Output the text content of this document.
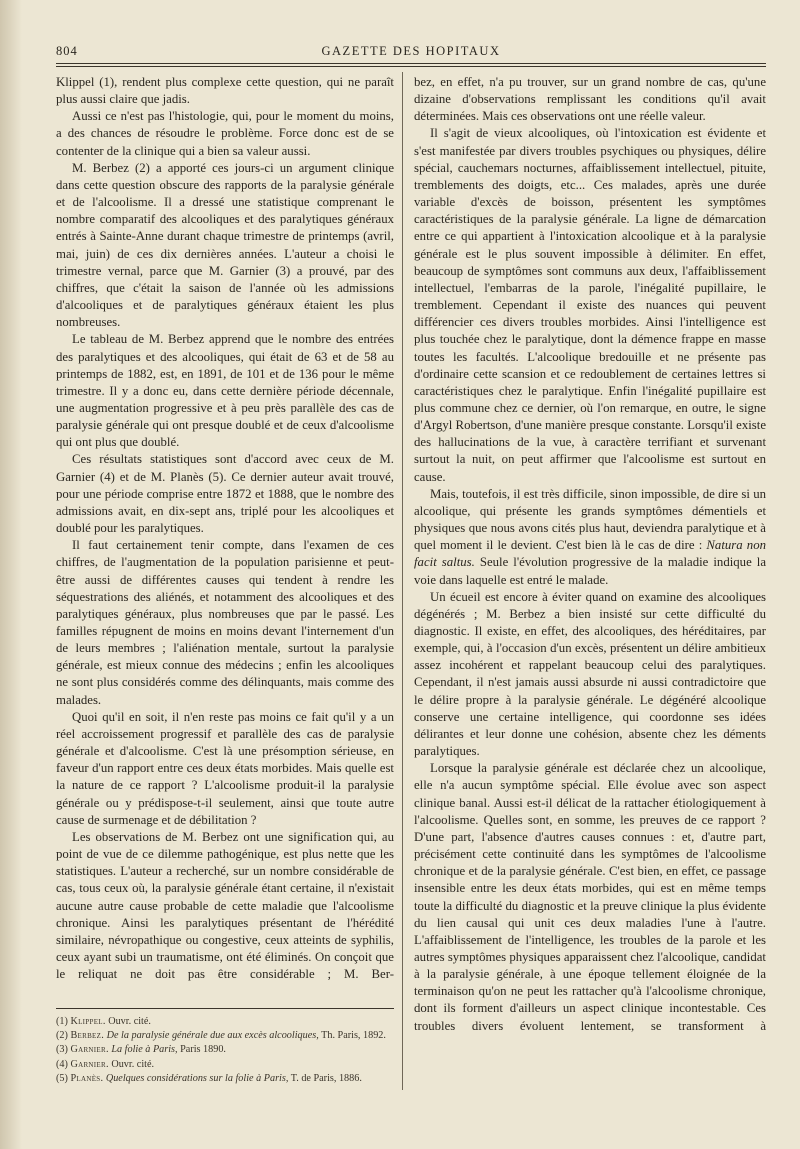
804	GAZETTE DES HOPITAUX

Klippel (1), rendent plus complexe cette question, qui ne paraît plus aussi claire que jadis.

Aussi ce n'est pas l'histologie, qui, pour le moment du moins, a des chances de résoudre le problème. Force donc est de se contenter de la clinique qui a bien sa valeur aussi.

M. Berbez (2) a apporté ces jours-ci un argument clinique dans cette question obscure des rapports de la paralysie générale et de l'alcoolisme. Il a dressé une statistique comprenant le nombre comparatif des alcooliques et des paralytiques généraux entrés à Sainte-Anne durant chaque trimestre de printemps (avril, mai, juin) de ces dix dernières années. L'auteur a choisi le trimestre vernal, parce que M. Garnier (3) a prouvé, par des chiffres, que c'était la saison de l'année où les admissions d'alcooliques et de paralytiques généraux étaient les plus nombreuses.

Le tableau de M. Berbez apprend que le nombre des entrées des paralytiques et des alcooliques, qui était de 63 et de 58 au printemps de 1882, est, en 1891, de 101 et de 136 pour le même trimestre. Il y a donc eu, dans cette dernière période décennale, une augmentation progressive et à peu près parallèle des cas de paralysie générale qui ont presque doublé et de ceux d'alcoolisme qui ont plus que doublé.

Ces résultats statistiques sont d'accord avec ceux de M. Garnier (4) et de M. Planès (5). Ce dernier auteur avait trouvé, pour une période comprise entre 1872 et 1888, que le nombre des admissions avait, en dix-sept ans, triplé pour les alcooliques et doublé pour les paralytiques.

Il faut certainement tenir compte, dans l'examen de ces chiffres, de l'augmentation de la population parisienne et peut-être aussi de différentes causes qui tendent à rendre les séquestrations des aliénés, et notamment des alcooliques et des paralytiques généraux, plus nombreuses que par le passé. Les familles répugnent de moins en moins devant l'internement d'un de leurs membres ; l'aliénation mentale, surtout la paralysie générale, est mieux connue des médecins ; enfin les alcooliques ne sont plus considérés comme des délinquants, mais comme des malades.

Quoi qu'il en soit, il n'en reste pas moins ce fait qu'il y a un réel accroissement progressif et parallèle des cas de paralysie générale et d'alcoolisme. C'est là une présomption sérieuse, en faveur d'un rapport entre ces deux états morbides. Mais quelle est la nature de ce rapport ? L'alcoolisme produit-il la paralysie générale ou y prédispose-t-il seulement, ainsi que toute autre cause de surmenage et de débilitation ?

Les observations de M. Berbez ont une signification qui, au point de vue de ce dilemme pathogénique, est plus nette que les statistiques. L'auteur a recherché, sur un nombre considérable de cas, tous ceux où, la paralysie générale étant certaine, il n'existait aucune autre cause probable de cette maladie que l'alcoolisme chronique. Ainsi les paralytiques présentant de l'hérédité similaire, névropathique ou congestive, ceux atteints de syphilis, ceux ayant subi un traumatisme, ont été éliminés. On conçoit que le reliquat ne doit pas être considérable ; M. Ber-

bez, en effet, n'a pu trouver, sur un grand nombre de cas, qu'une dizaine d'observations remplissant les conditions qu'il avait déterminées. Mais ces observations ont une réelle valeur.

Il s'agit de vieux alcooliques, où l'intoxication est évidente et s'est manifestée par divers troubles psychiques ou physiques, délire spécial, cauchemars nocturnes, affaiblissement intellectuel, pituite, tremblements des doigts, etc... Ces malades, après une durée variable d'excès de boisson, présentent les symptômes caractéristiques de la paralysie générale. La ligne de démarcation entre ce qui appartient à l'intoxication alcoolique et à la paralysie générale est le plus souvent impossible à délimiter. En effet, beaucoup de symptômes sont communs aux deux, l'affaiblissement intellectuel, l'embarras de la parole, l'inégalité pupillaire, le tremblement. Cependant il existe des nuances qui peuvent différencier ces divers troubles morbides. Ainsi l'intelligence est plus touchée chez le paralytique, dont la démence frappe en masse toutes les facultés. L'alcoolique bredouille et ne présente pas d'ordinaire cette scansion et ce redoublement de certaines lettres si caractéristiques chez le paralytique. Enfin l'inégalité pupillaire est plus commune chez ce dernier, où l'on remarque, en outre, le signe d'Argyl Robertson, d'une manière presque constante. Lorsqu'il existe des hallucinations de la vue, à caractère terrifiant et survenant surtout la nuit, on peut affirmer que l'alcoolisme est surtout en cause.

Mais, toutefois, il est très difficile, sinon impossible, de dire si un alcoolique, qui présente les grands symptômes démentiels et physiques que nous avons cités plus haut, deviendra paralytique et à quel moment il le devient. C'est bien là le cas de dire : Natura non facit saltus. Seule l'évolution progressive de la maladie indique la voie dans laquelle est entré le malade.

Un écueil est encore à éviter quand on examine des alcooliques dégénérés ; M. Berbez a bien insisté sur cette difficulté du diagnostic. Il existe, en effet, des alcooliques, des héréditaires, par exemple, qui, à l'occasion d'un excès, présentent un délire ambitieux assez incohérent et rappelant beaucoup celui des paralytiques. Cependant, il n'est jamais aussi absurde ni aussi contradictoire que le délire propre à la paralysie générale. Le dégénéré alcoolique conserve une certaine intelligence, qui coordonne ses idées délirantes et leur donne une cohésion, absente chez les déments paralytiques.

Lorsque la paralysie générale est déclarée chez un alcoolique, elle n'a aucun symptôme spécial. Elle évolue avec son aspect clinique banal. Aussi est-il délicat de la rattacher étiologiquement à l'alcoolisme. Quelles sont, en somme, les preuves de ce rapport ? D'une part, l'absence d'autres causes connues : et, d'autre part, précisément cette continuité dans les symptômes de l'alcoolisme chronique et de la paralysie générale. C'est bien, en effet, ce passage insensible entre les deux états morbides, qui est en même temps toute la difficulté du diagnostic et la preuve clinique la plus évidente du lien causal qui unit ces deux maladies l'une à l'autre. L'affaiblissement de l'intelligence, les troubles de la parole et les autres symptômes physiques apparaissent chez l'alcoolique, candidat à la paralysie générale, à une époque tellement éloignée de la terminaison qu'on ne peut les rattacher qu'à l'alcoolisme chronique, dont ils forment d'ailleurs un aspect clinique incontestable. Ces troubles divers évoluent lentement, se transforment à

(1) Klippel. Ouvr. cité.

(2) Berbez. De la paralysie générale due aux excès alcooliques, Th. Paris, 1892.

(3) Garnier. La folie à Paris, Paris 1890.

(4) Garnier. Ouvr. cité.

(5) Planès. Quelques considérations sur la folie à Paris, T. de Paris, 1886.
